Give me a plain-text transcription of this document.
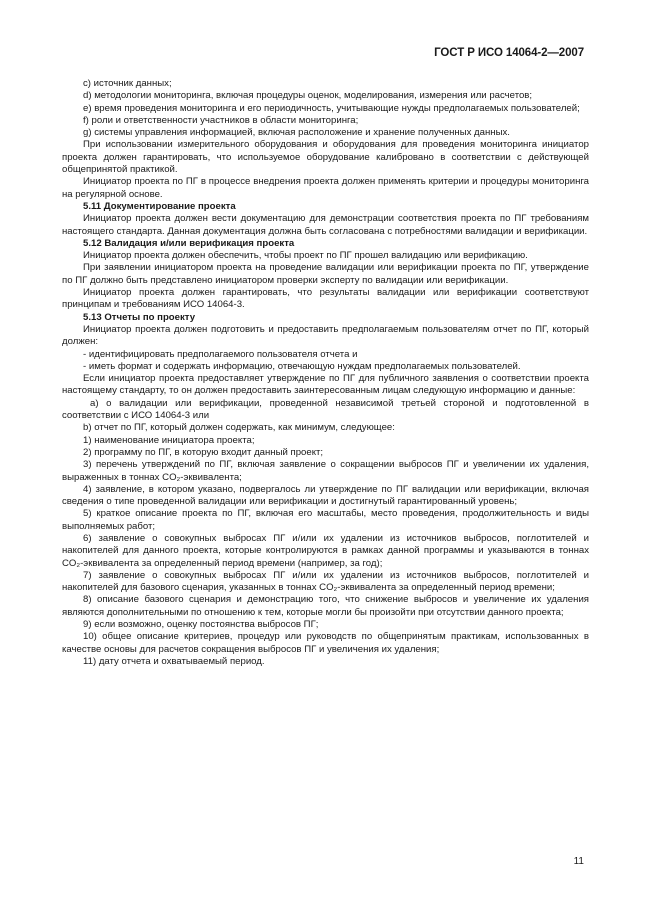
ГОСТ Р ИСО 14064-2—2007

c) источник данных;

d) методологии мониторинга, включая процедуры оценок, моделирования, измерения или расчетов;

e) время проведения мониторинга и его периодичность, учитывающие нужды предполагаемых пользователей;

f) роли и ответственности участников в области мониторинга;

g) системы управления информацией, включая расположение и хранение полученных данных.

При использовании измерительного оборудования и оборудования для проведения мониторинга инициатор проекта должен гарантировать, что используемое оборудование калибровано в соответствии с действующей общепринятой практикой.

Инициатор проекта по ПГ в процессе внедрения проекта должен применять критерии и процедуры мониторинга на регулярной основе.

5.11 Документирование проекта

Инициатор проекта должен вести документацию для демонстрации соответствия проекта по ПГ требованиям настоящего стандарта. Данная документация должна быть согласована с потребностями валидации и верификации.

5.12 Валидация и/или верификация проекта

Инициатор проекта должен обеспечить, чтобы проект по ПГ прошел валидацию или верификацию.

При заявлении инициатором проекта на проведение валидации или верификации проекта по ПГ, утверждение по ПГ должно быть представлено инициатором проверки эксперту по валидации или верификации.

Инициатор проекта должен гарантировать, что результаты валидации или верификации соответствуют принципам и требованиям ИСО 14064-3.

5.13 Отчеты по проекту

Инициатор проекта должен подготовить и предоставить предполагаемым пользователям отчет по ПГ, который должен:

- идентифицировать предполагаемого пользователя отчета и

- иметь формат и содержать информацию, отвечающую нуждам предполагаемых пользователей.

Если инициатор проекта предоставляет утверждение по ПГ для публичного заявления о соответствии проекта настоящему стандарту, то он должен предоставить заинтересованным лицам следующую информацию и данные:

a) о валидации или верификации, проведенной независимой третьей стороной и подготовленной в соответствии с ИСО 14064-3 или

b) отчет по ПГ, который должен содержать, как минимум, следующее:

1) наименование инициатора проекта;

2) программу по ПГ, в которую входит данный проект;

3) перечень утверждений по ПГ, включая заявление о сокращении выбросов ПГ и увеличении их удаления, выраженных в тоннах CO₂-эквивалента;

4) заявление, в котором указано, подвергалось ли утверждение по ПГ валидации или верификации, включая сведения о типе проведенной валидации или верификации и достигнутый гарантированный уровень;

5) краткое описание проекта по ПГ, включая его масштабы, место проведения, продолжительность и виды выполняемых работ;

6) заявление о совокупных выбросах ПГ и/или их удалении из источников выбросов, поглотителей и накопителей для данного проекта, которые контролируются в рамках данной программы и указываются в тоннах CO₂-эквивалента за определенный период времени (например, за год);

7) заявление о совокупных выбросах ПГ и/или их удалении из источников выбросов, поглотителей и накопителей для базового сценария, указанных в тоннах CO₂-эквивалента за определенный период времени;

8) описание базового сценария и демонстрацию того, что снижение выбросов и увеличение их удаления являются дополнительными по отношению к тем, которые могли бы произойти при отсутствии данного проекта;

9) если возможно, оценку постоянства выбросов ПГ;

10) общее описание критериев, процедур или руководств по общепринятым практикам, использованных в качестве основы для расчетов сокращения выбросов ПГ и увеличения их удаления;

11) дату отчета и охватываемый период.

11
